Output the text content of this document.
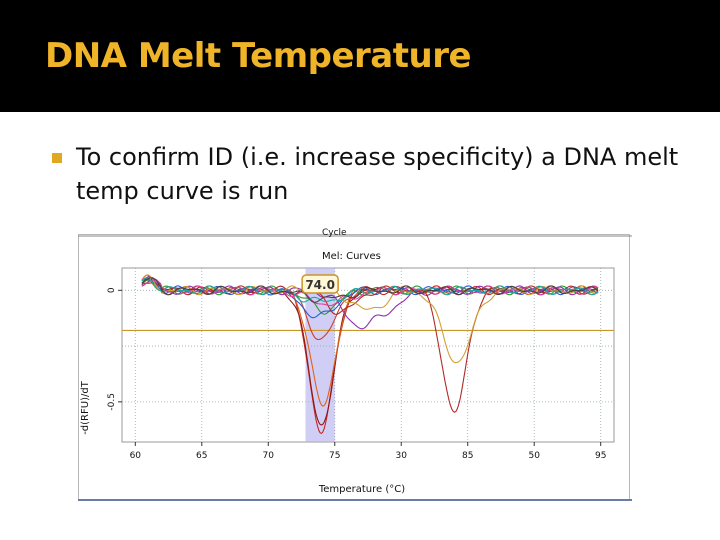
DNA Melt Temperature
To confirm ID (i.e. increase specificity) a DNA melt temp curve is run
Cycle
Mel: Curves
-d(RFU)/dT
Temperature (°C)
60	65	70	75	30	85	50	95
0
-0.5
74.0
